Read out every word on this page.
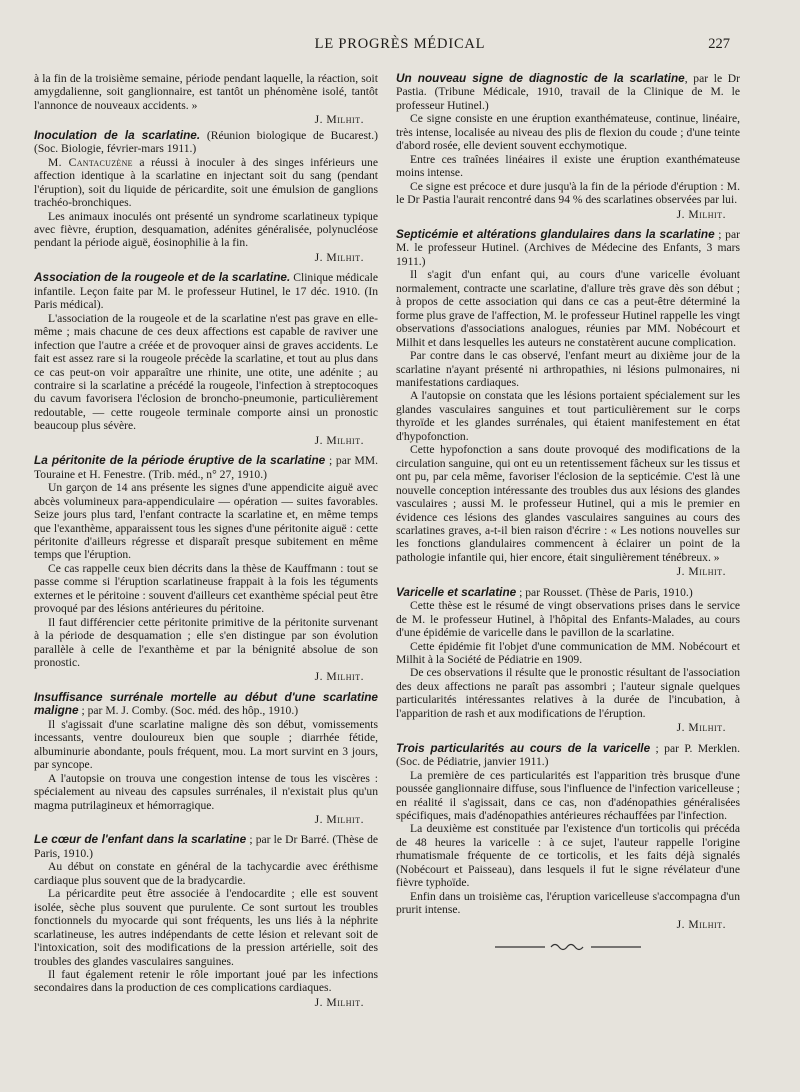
LE PROGRÈS MÉDICAL	227

à la fin de la troisième semaine, période pendant laquelle, la réaction, soit amygdalienne, soit ganglionnaire, est tantôt un phénomène isolé, tantôt l'annonce de nouveaux accidents. »

J. Milhit.

Inoculation de la scarlatine. (Réunion biologique de Bucarest.) (Soc. Biologie, février-mars 1911.)

M. Cantacuzène a réussi à inoculer à des singes inférieurs une affection identique à la scarlatine en injectant soit du sang (pendant l'éruption), soit du liquide de péricardite, soit une émulsion de ganglions trachéo-bronchiques.

Les animaux inoculés ont présenté un syndrome scarlatineux typique avec fièvre, éruption, desquamation, adénites généralisée, polynucléose pendant la période aiguë, éosinophilie à la fin.

J. Milhit.

Association de la rougeole et de la scarlatine. Clinique médicale infantile. Leçon faite par M. le professeur Hutinel, le 17 déc. 1910. (In Paris médical).

L'association de la rougeole et de la scarlatine n'est pas grave en elle-même ; mais chacune de ces deux affections est capable de raviver une infection que l'autre a créée et de provoquer ainsi de graves accidents. Le fait est assez rare si la rougeole précède la scarlatine, et tout au plus dans ce cas peut-on voir apparaître une rhinite, une otite, une adénite ; au contraire si la scarlatine a précédé la rougeole, l'infection à streptocoques du cavum favorisera l'éclosion de broncho-pneumonie, particulièrement redoutable, — cette rougeole terminale comporte ainsi un pronostic beaucoup plus sévère.

J. Milhit.

La péritonite de la période éruptive de la scarlatine ; par MM. Touraine et H. Fenestre. (Trib. méd., n° 27, 1910.)

Un garçon de 14 ans présente les signes d'une appendicite aiguë avec abcès volumineux para-appendiculaire — opération — suites favorables. Seize jours plus tard, l'enfant contracte la scarlatine et, en même temps que l'exanthème, apparaissent tous les signes d'une péritonite aiguë : cette péritonite d'ailleurs régresse et disparaît presque subitement en même temps que l'éruption.

Ce cas rappelle ceux bien décrits dans la thèse de Kauffmann : tout se passe comme si l'éruption scarlatineuse frappait à la fois les téguments externes et le péritoine : souvent d'ailleurs cet exanthème spécial peut être provoqué par des lésions antérieures du péritoine.

Il faut différencier cette péritonite primitive de la péritonite survenant à la période de desquamation ; elle s'en distingue par son évolution parallèle à celle de l'exanthème et par la bénignité absolue de son pronostic.

J. Milhit.

Insuffisance surrénale mortelle au début d'une scarlatine maligne ; par M. J. Comby. (Soc. méd. des hôp., 1910.)

Il s'agissait d'une scarlatine maligne dès son début, vomissements incessants, ventre douloureux bien que souple ; diarrhée fétide, albuminurie abondante, pouls fréquent, mou. La mort survint en 3 jours, par syncope.

A l'autopsie on trouva une congestion intense de tous les viscères : spécialement au niveau des capsules surrénales, il n'existait plus qu'un magma putrilagineux et hémorragique.

J. Milhit.

Le cœur de l'enfant dans la scarlatine ; par le Dr Barré. (Thèse de Paris, 1910.)

Au début on constate en général de la tachycardie avec éréthisme cardiaque plus souvent que de la bradycardie.

La péricardite peut être associée à l'endocardite ; elle est souvent isolée, sèche plus souvent que purulente. Ce sont surtout les troubles fonctionnels du myocarde qui sont fréquents, les uns liés à la néphrite scarlatineuse, les autres indépendants de cette lésion et relevant soit de l'intoxication, soit des modifications de la pression artérielle, soit des troubles des glandes vasculaires sanguines.

Il faut également retenir le rôle important joué par les infections secondaires dans la production de ces complications cardiaques.

J. Milhit.

Un nouveau signe de diagnostic de la scarlatine, par le Dr Pastia. (Tribune Médicale, 1910, travail de la Clinique de M. le professeur Hutinel.)

Ce signe consiste en une éruption exanthémateuse, continue, linéaire, très intense, localisée au niveau des plis de flexion du coude ; d'une teinte d'abord rosée, elle devient souvent ecchymotique.

Entre ces traînées linéaires il existe une éruption exanthémateuse moins intense.

Ce signe est précoce et dure jusqu'à la fin de la période d'éruption : M. le Dr Pastia l'aurait rencontré dans 94 % des scarlatines observées par lui.

J. Milhit.

Septicémie et altérations glandulaires dans la scarlatine ; par M. le professeur Hutinel. (Archives de Médecine des Enfants, 3 mars 1911.)

Il s'agit d'un enfant qui, au cours d'une varicelle évoluant normalement, contracte une scarlatine, d'allure très grave dès son début ; à propos de cette association qui dans ce cas a peut-être déterminé la forme plus grave de l'affection, M. le professeur Hutinel rappelle les vingt observations d'associations analogues, réunies par MM. Nobécourt et Milhit et dans lesquelles les auteurs ne constatèrent aucune complication.

Par contre dans le cas observé, l'enfant meurt au dixième jour de la scarlatine n'ayant présenté ni arthropathies, ni lésions pulmonaires, ni manifestations cardiaques.

A l'autopsie on constata que les lésions portaient spécialement sur les glandes vasculaires sanguines et tout particulièrement sur le corps thyroïde et les glandes surrénales, qui étaient manifestement en état d'hypofonction.

Cette hypofonction a sans doute provoqué des modifications de la circulation sanguine, qui ont eu un retentissement fâcheux sur les tissus et ont pu, par cela même, favoriser l'éclosion de la septicémie. C'est là une nouvelle conception intéressante des troubles dus aux lésions des glandes vasculaires ; aussi M. le professeur Hutinel, qui a mis le premier en évidence ces lésions des glandes vasculaires sanguines au cours des scarlatines graves, a-t-il bien raison d'écrire : « Les notions nouvelles sur les fonctions glandulaires commencent à éclairer un point de la pathologie infantile qui, hier encore, était singulièrement ténébreux. »

J. Milhit.

Varicelle et scarlatine ; par Rousset. (Thèse de Paris, 1910.)

Cette thèse est le résumé de vingt observations prises dans le service de M. le professeur Hutinel, à l'hôpital des Enfants-Malades, au cours d'une épidémie de varicelle dans le pavillon de la scarlatine.

Cette épidémie fit l'objet d'une communication de MM. Nobécourt et Milhit à la Société de Pédiatrie en 1909.

De ces observations il résulte que le pronostic résultant de l'association des deux affections ne paraît pas assombri ; l'auteur signale quelques particularités intéressantes relatives à la durée de l'incubation, à l'apparition de rash et aux modifications de l'éruption.

J. Milhit.

Trois particularités au cours de la varicelle ; par P. Merklen. (Soc. de Pédiatrie, janvier 1911.)

La première de ces particularités est l'apparition très brusque d'une poussée ganglionnaire diffuse, sous l'influence de l'infection varicelleuse ; en réalité il s'agissait, dans ce cas, non d'adénopathies généralisées spécifiques, mais d'adénopathies antérieures réchauffées par l'infection.

La deuxième est constituée par l'existence d'un torticolis qui précéda de 48 heures la varicelle : à ce sujet, l'auteur rappelle l'origine rhumatismale fréquente de ce torticolis, et les faits déjà signalés (Nobécourt et Paisseau), dans lesquels il fut le signe révélateur d'une fièvre typhoïde.

Enfin dans un troisième cas, l'éruption varicelleuse s'accompagna d'un prurit intense.

J. Milhit.
